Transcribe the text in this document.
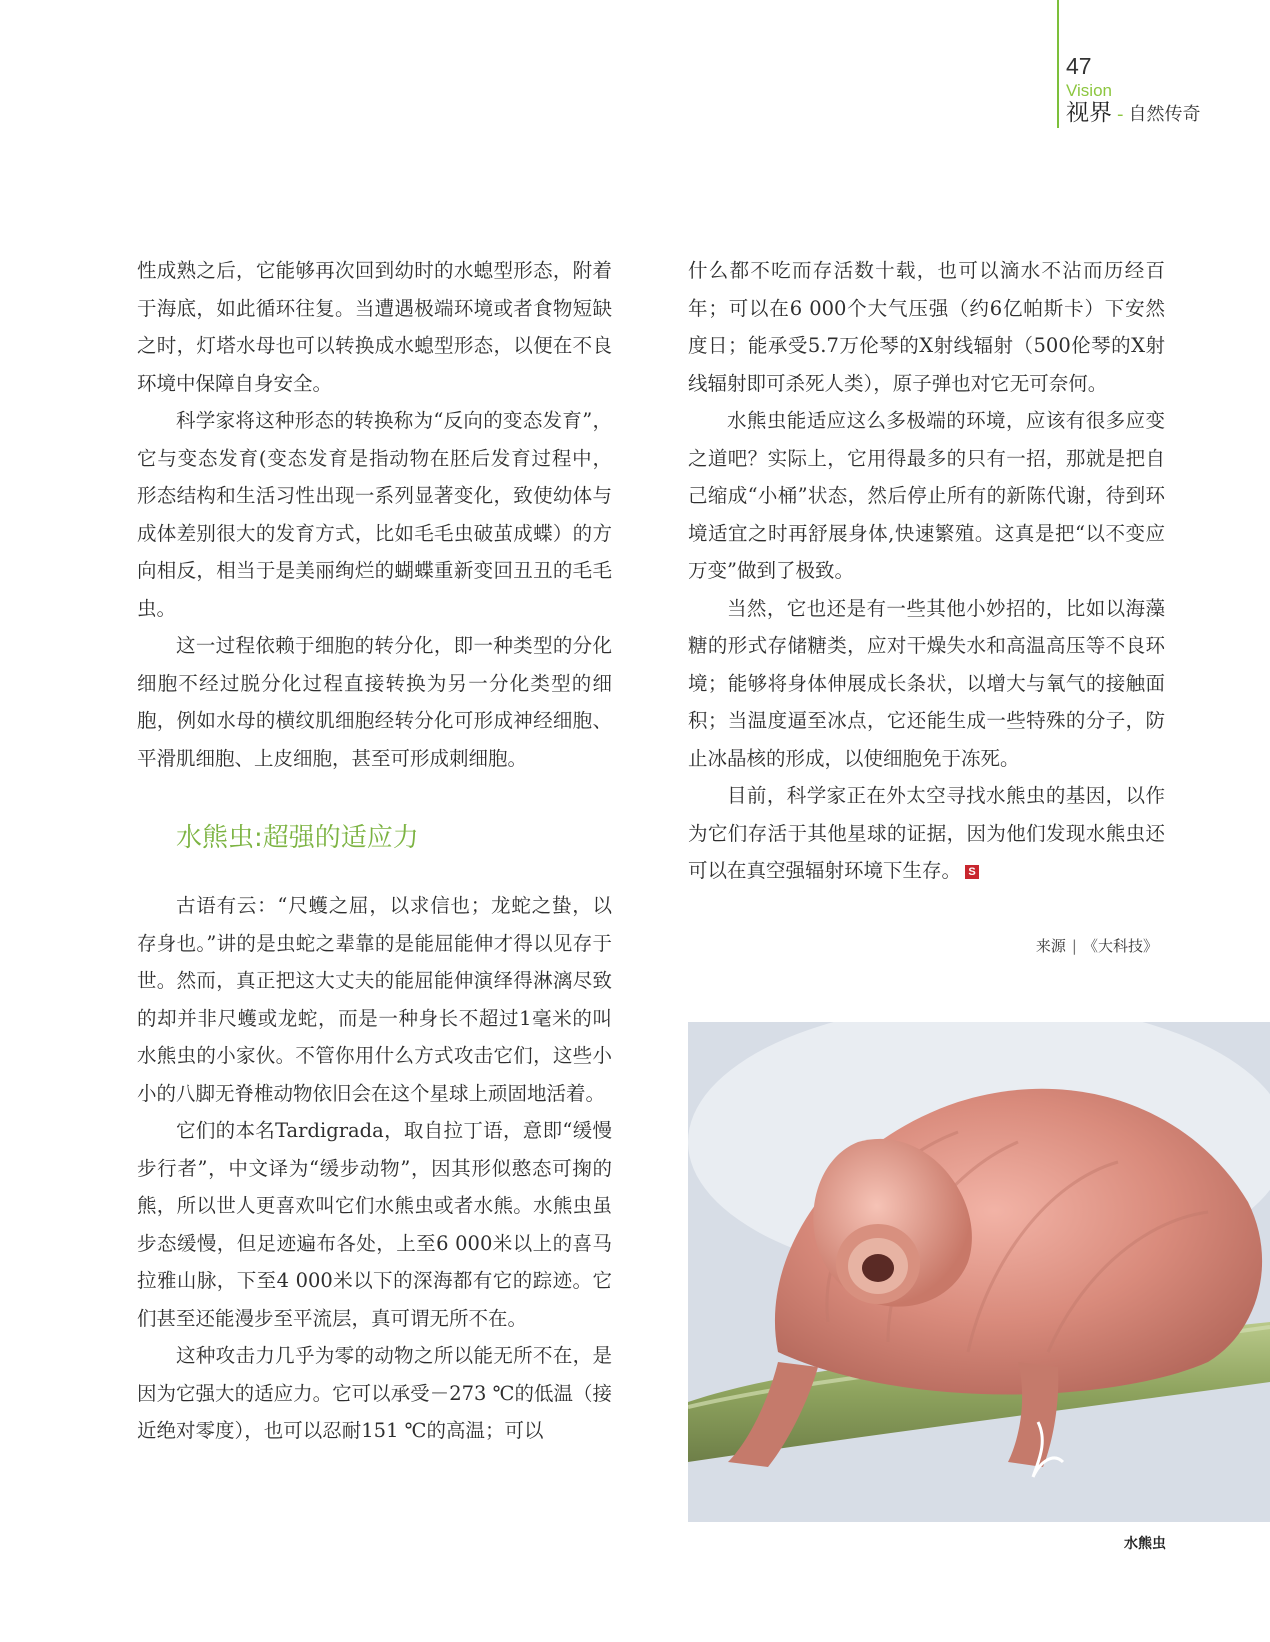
47
Vision
视界 - 自然传奇

性成熟之后，它能够再次回到幼时的水螅型形态，附着于海底，如此循环往复。当遭遇极端环境或者食物短缺之时，灯塔水母也可以转换成水螅型形态，以便在不良环境中保障自身安全。

科学家将这种形态的转换称为“反向的变态发育”，它与变态发育(变态发育是指动物在胚后发育过程中，形态结构和生活习性出现一系列显著变化，致使幼体与成体差别很大的发育方式，比如毛毛虫破茧成蝶）的方向相反，相当于是美丽绚烂的蝴蝶重新变回丑丑的毛毛虫。

这一过程依赖于细胞的转分化，即一种类型的分化细胞不经过脱分化过程直接转换为另一分化类型的细胞，例如水母的横纹肌细胞经转分化可形成神经细胞、平滑肌细胞、上皮细胞，甚至可形成刺细胞。

水熊虫:超强的适应力

古语有云：“尺蠖之屈，以求信也；龙蛇之蛰，以存身也。”讲的是虫蛇之辈靠的是能屈能伸才得以见存于世。然而，真正把这大丈夫的能屈能伸演绎得淋漓尽致的却并非尺蠖或龙蛇，而是一种身长不超过1毫米的叫水熊虫的小家伙。不管你用什么方式攻击它们，这些小小的八脚无脊椎动物依旧会在这个星球上顽固地活着。

它们的本名Tardigrada，取自拉丁语，意即“缓慢步行者”，中文译为“缓步动物”，因其形似憨态可掬的熊，所以世人更喜欢叫它们水熊虫或者水熊。水熊虫虽步态缓慢，但足迹遍布各处，上至6 000米以上的喜马拉雅山脉，下至4 000米以下的深海都有它的踪迹。它们甚至还能漫步至平流层，真可谓无所不在。

这种攻击力几乎为零的动物之所以能无所不在，是因为它强大的适应力。它可以承受－273 ℃的低温（接近绝对零度），也可以忍耐151 ℃的高温；可以

什么都不吃而存活数十载，也可以滴水不沾而历经百年；可以在6 000个大气压强（约6亿帕斯卡）下安然度日；能承受5.7万伦琴的X射线辐射（500伦琴的X射线辐射即可杀死人类），原子弹也对它无可奈何。

水熊虫能适应这么多极端的环境，应该有很多应变之道吧？实际上，它用得最多的只有一招，那就是把自己缩成“小桶”状态，然后停止所有的新陈代谢，待到环境适宜之时再舒展身体,快速繁殖。这真是把“以不变应万变”做到了极致。

当然，它也还是有一些其他小妙招的，比如以海藻糖的形式存储糖类，应对干燥失水和高温高压等不良环境；能够将身体伸展成长条状，以增大与氧气的接触面积；当温度逼至冰点，它还能生成一些特殊的分子，防止冰晶核的形成，以使细胞免于冻死。

目前，科学家正在外太空寻找水熊虫的基因，以作为它们存活于其他星球的证据，因为他们发现水熊虫还可以在真空强辐射环境下生存。 S

来源 | 《大科技》
水熊虫
